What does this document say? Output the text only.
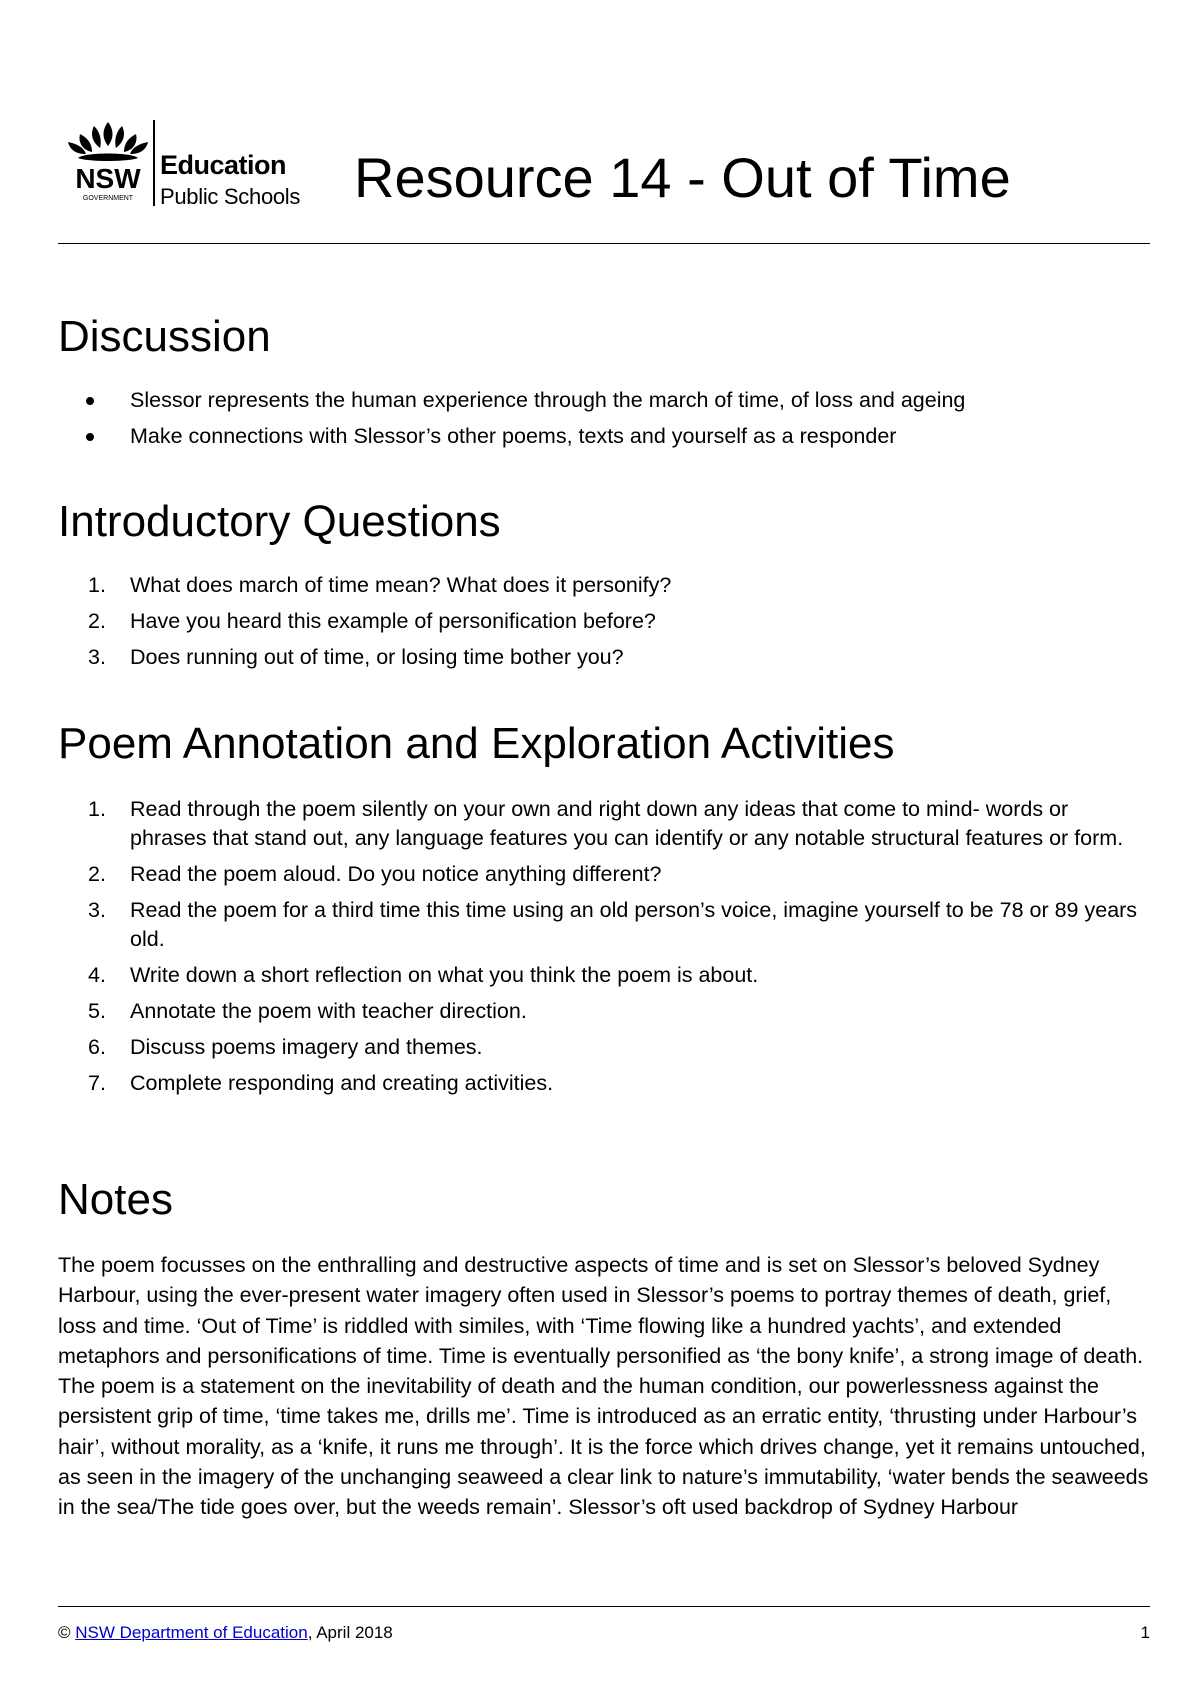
NSW
GOVERNMENT
Education
Public Schools Resource 14 - Out of Time
Discussion
Slessor represents the human experience through the march of time, of loss and ageing
Make connections with Slessor’s other poems, texts and yourself as a responder
Introductory Questions
1.	What does march of time mean? What does it personify?
2.	Have you heard this example of personification before?
3.	Does running out of time, or losing time bother you?
Poem Annotation and Exploration Activities
1.	Read through the poem silently on your own and right down any ideas that come to mind- words or phrases that stand out, any language features you can identify or any notable structural features or form.
2.	Read the poem aloud. Do you notice anything different?
3.	Read the poem for a third time this time using an old person’s voice, imagine yourself to be 78 or 89 years old.
4.	Write down a short reflection on what you think the poem is about.
5.	Annotate the poem with teacher direction.
6.	Discuss poems imagery and themes.
7.	Complete responding and creating activities.
Notes

The poem focusses on the enthralling and destructive aspects of time and is set on Slessor’s beloved Sydney Harbour, using the ever-present water imagery often used in Slessor’s poems to portray themes of death, grief, loss and time. ‘Out of Time’ is riddled with similes, with ‘Time flowing like a hundred yachts’, and extended metaphors and personifications of time. Time is eventually personified as ‘the bony knife’, a strong image of death. The poem is a statement on the inevitability of death and the human condition, our powerlessness against the persistent grip of time, ‘time takes me, drills me’. Time is introduced as an erratic entity, ‘thrusting under Harbour’s hair’, without morality, as a ‘knife, it runs me through’. It is the force which drives change, yet it remains untouched, as seen in the imagery of the unchanging seaweed a clear link to nature’s immutability, ‘water bends the seaweeds in the sea/The tide goes over, but the weeds remain’. Slessor’s oft used backdrop of Sydney Harbour

© NSW Department of Education, April 2018	1
